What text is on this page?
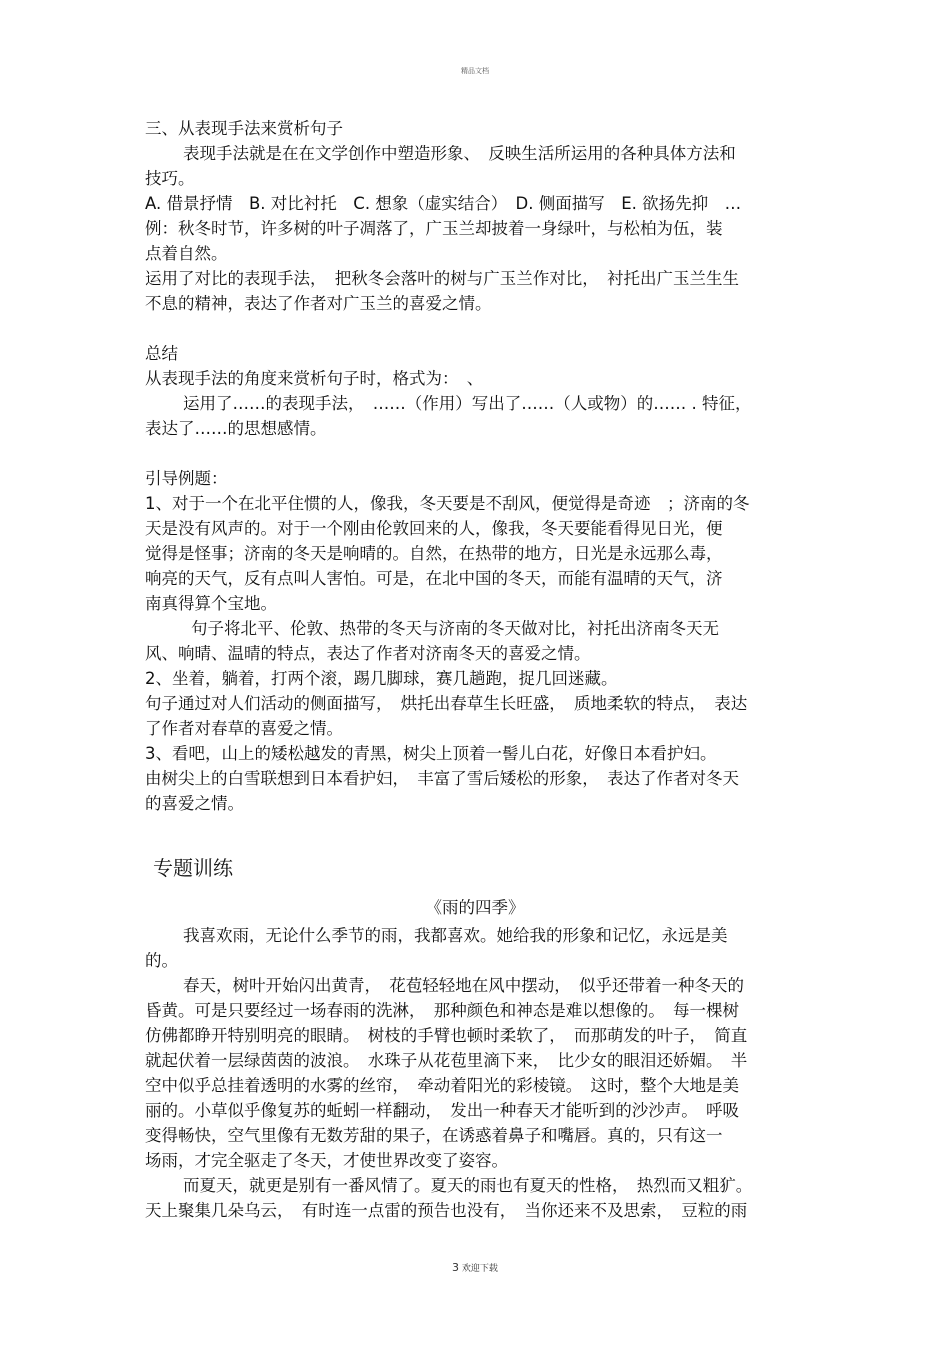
精品文档
三、从表现手法来赏析句子
表现手法就是在在文学创作中塑造形象、　反映生活所运用的各种具体方法和
技巧。
A. 借景抒情　B. 对比衬托　C. 想象（虚实结合）　D. 侧面描写　E. 欲扬先抑　…
例：秋冬时节，许多树的叶子凋落了，广玉兰却披着一身绿叶，与松柏为伍，装
点着自然。
运用了对比的表现手法，　把秋冬会落叶的树与广玉兰作对比，　衬托出广玉兰生生
不息的精神，表达了作者对广玉兰的喜爱之情。
总结
从表现手法的角度来赏析句子时，格式为：　、
运用了……的表现手法，　……（作用）写出了……（人或物）的…… . 特征，
表达了……的思想感情。
引导例题：
1、对于一个在北平住惯的人，像我，冬天要是不刮风，便觉得是奇迹　；济南的冬
天是没有风声的。对于一个刚由伦敦回来的人，像我，冬天要能看得见日光，便
觉得是怪事；济南的冬天是响晴的。自然，在热带的地方，日光是永远那么毒，
响亮的天气，反有点叫人害怕。可是，在北中国的冬天，而能有温晴的天气，济
南真得算个宝地。
句子将北平、伦敦、热带的冬天与济南的冬天做对比，衬托出济南冬天无
风、响晴、温晴的特点，表达了作者对济南冬天的喜爱之情。
2、坐着，躺着，打两个滚，踢几脚球，赛几趟跑，捉几回迷藏。
句子通过对人们活动的侧面描写，　烘托出春草生长旺盛，　质地柔软的特点，　表达
了作者对春草的喜爱之情。
3、看吧，山上的矮松越发的青黑，树尖上顶着一髻儿白花，好像日本看护妇。
由树尖上的白雪联想到日本看护妇，　丰富了雪后矮松的形象，　表达了作者对冬天
的喜爱之情。
专题训练
《雨的四季》
我喜欢雨，无论什么季节的雨，我都喜欢。她给我的形象和记忆，永远是美
的。
春天，树叶开始闪出黄青，　花苞轻轻地在风中摆动，　似乎还带着一种冬天的
昏黄。可是只要经过一场春雨的洗淋，　那种颜色和神态是难以想像的。　每一棵树
仿佛都睁开特别明亮的眼睛。　树枝的手臂也顿时柔软了，　而那萌发的叶子，　简直
就起伏着一层绿茵茵的波浪。　水珠子从花苞里滴下来，　比少女的眼泪还娇媚。　半
空中似乎总挂着透明的水雾的丝帘，　牵动着阳光的彩棱镜。　这时，整个大地是美
丽的。小草似乎像复苏的蚯蚓一样翻动，　发出一种春天才能听到的沙沙声。　呼吸
变得畅快，空气里像有无数芳甜的果子，在诱惑着鼻子和嘴唇。真的，只有这一
场雨，才完全驱走了冬天，才使世界改变了姿容。
而夏天，就更是别有一番风情了。夏天的雨也有夏天的性格，　热烈而又粗犷。
天上聚集几朵乌云，　有时连一点雷的预告也没有，　当你还来不及思索，　豆粒的雨
3 欢迎下载
